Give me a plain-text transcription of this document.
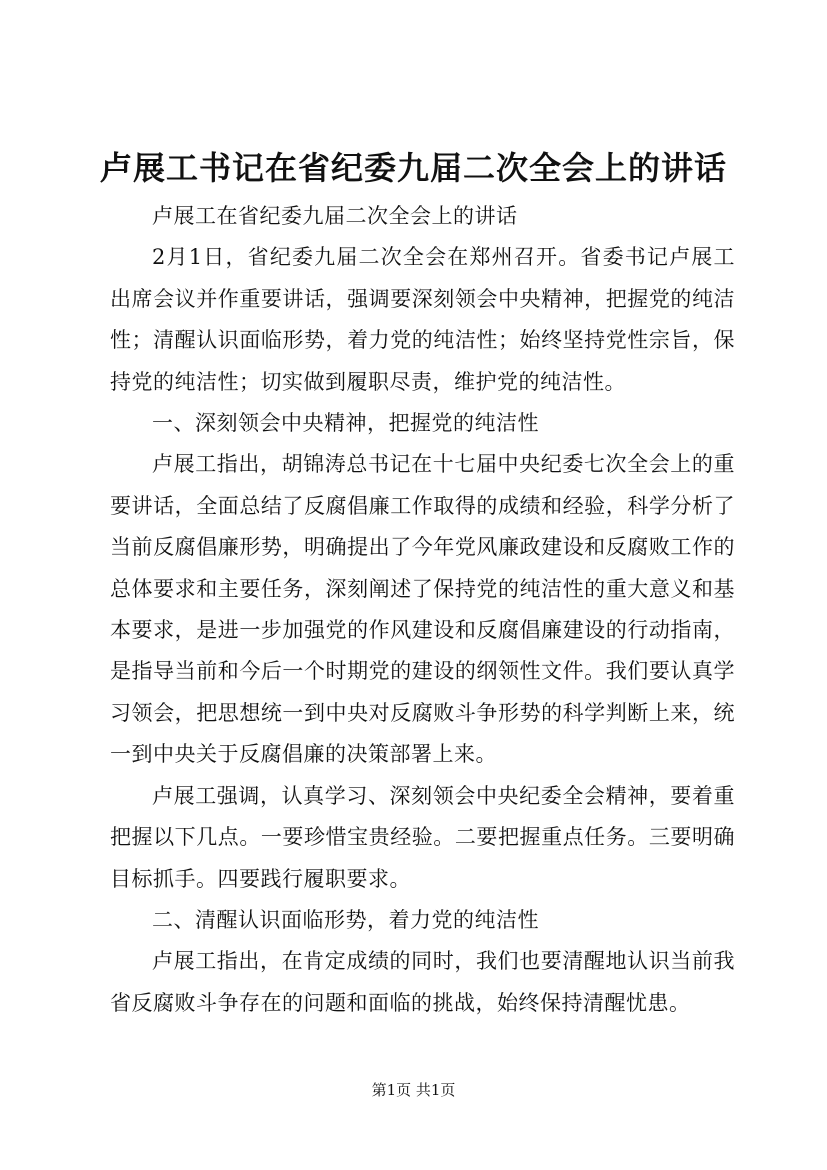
卢展工书记在省纪委九届二次全会上的讲话

卢展工在省纪委九届二次全会上的讲话

2月1日，省纪委九届二次全会在郑州召开。省委书记卢展工出席会议并作重要讲话，强调要深刻领会中央精神，把握党的纯洁性；清醒认识面临形势，着力党的纯洁性；始终坚持党性宗旨，保持党的纯洁性；切实做到履职尽责，维护党的纯洁性。

一、深刻领会中央精神，把握党的纯洁性

卢展工指出，胡锦涛总书记在十七届中央纪委七次全会上的重要讲话，全面总结了反腐倡廉工作取得的成绩和经验，科学分析了当前反腐倡廉形势，明确提出了今年党风廉政建设和反腐败工作的总体要求和主要任务，深刻阐述了保持党的纯洁性的重大意义和基本要求，是进一步加强党的作风建设和反腐倡廉建设的行动指南，是指导当前和今后一个时期党的建设的纲领性文件。我们要认真学习领会，把思想统一到中央对反腐败斗争形势的科学判断上来，统一到中央关于反腐倡廉的决策部署上来。

卢展工强调，认真学习、深刻领会中央纪委全会精神，要着重把握以下几点。一要珍惜宝贵经验。二要把握重点任务。三要明确目标抓手。四要践行履职要求。

二、清醒认识面临形势，着力党的纯洁性

卢展工指出，在肯定成绩的同时，我们也要清醒地认识当前我省反腐败斗争存在的问题和面临的挑战，始终保持清醒忧患。

第1页 共1页
